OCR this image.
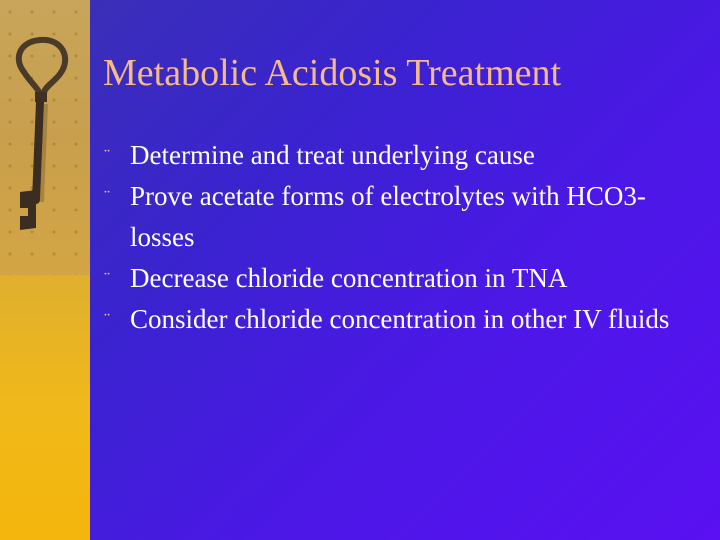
Metabolic Acidosis Treatment
¨ Determine and treat underlying cause
¨ Prove acetate forms of electrolytes with HCO3- losses
¨ Decrease chloride concentration in TNA
¨ Consider chloride concentration in other IV fluids
